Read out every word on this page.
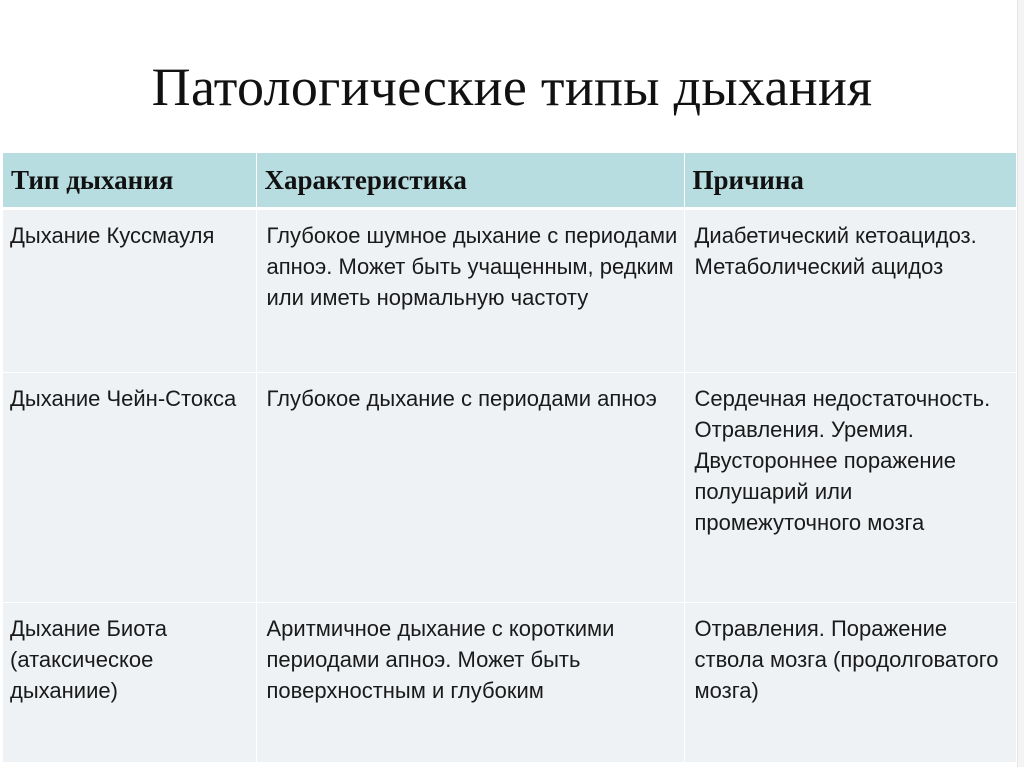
Патологические типы дыхания
Тип дыхания	Характеристика	Причина
Дыхание Куссмауля	Глубокое шумное дыхание с периодами апноэ. Может быть учащенным, редким или иметь нормальную частоту	Диабетический кетоацидоз. Метаболический ацидоз
Дыхание Чейн-Стокса	Глубокое дыхание с периодами апноэ	Сердечная недостаточность. Отравления. Уремия. Двустороннее поражение полушарий или промежуточного мозга
Дыхание Биота (атаксическое дыханиие)	Аритмичное дыхание с короткими периодами апноэ. Может быть поверхностным и глубоким	Отравления. Поражение ствола мозга (продолговатого мозга)
